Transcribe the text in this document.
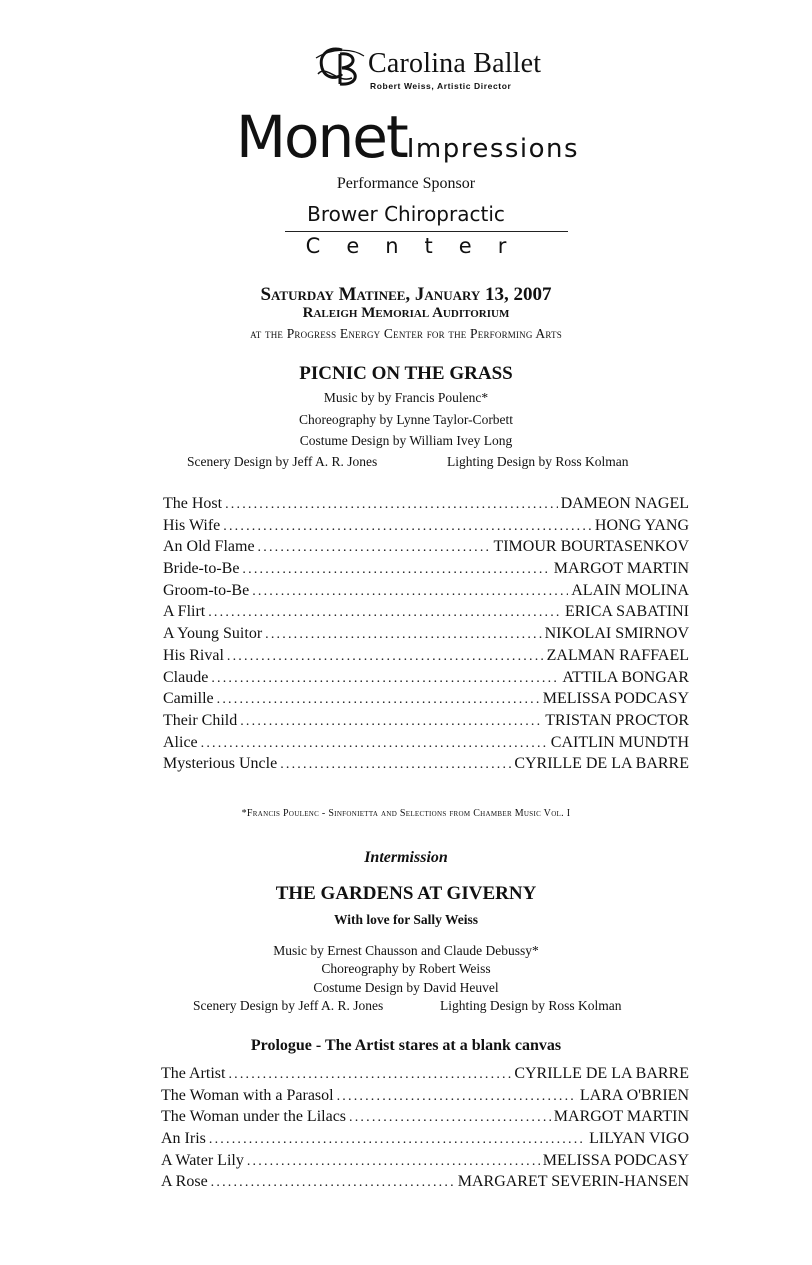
Carolina Ballet
Robert Weiss, Artistic Director
MonetImpressions
Performance Sponsor
Brower Chiropractic
Center
Saturday Matinee, January 13, 2007
Raleigh Memorial Auditorium
at the Progress Energy Center for the Performing Arts
PICNIC ON THE GRASS
Music by by Francis Poulenc*
Choreography by Lynne Taylor-Corbett
Costume Design by William Ivey Long
Scenery Design by Jeff A. R. Jones	Lighting Design by Ross Kolman
The Host .....	DAMEON NAGEL
His Wife .....	HONG YANG
An Old Flame .....	TIMOUR BOURTASENKOV
Bride-to-Be .....	MARGOT MARTIN
Groom-to-Be .....	ALAIN MOLINA
A Flirt .....	ERICA SABATINI
A Young Suitor .....	NIKOLAI SMIRNOV
His Rival .....	ZALMAN RAFFAEL
Claude .....	ATTILA BONGAR
Camille .....	MELISSA PODCASY
Their Child .....	TRISTAN PROCTOR
Alice .....	CAITLIN MUNDTH
Mysterious Uncle .....	CYRILLE DE LA BARRE
*Francis Poulenc - Sinfonietta and Selections from Chamber Music Vol. I
Intermission
THE GARDENS AT GIVERNY
With love for Sally Weiss
Music by Ernest Chausson and Claude Debussy*
Choreography by Robert Weiss
Costume Design by David Heuvel
Scenery Design by Jeff A. R. Jones	Lighting Design by Ross Kolman
Prologue - The Artist stares at a blank canvas
The Artist .....	CYRILLE DE LA BARRE
The Woman with a Parasol .....	LARA O'BRIEN
The Woman under the Lilacs .....	MARGOT MARTIN
An Iris .....	LILYAN VIGO
A Water Lily .....	MELISSA PODCASY
A Rose .....	MARGARET SEVERIN-HANSEN
